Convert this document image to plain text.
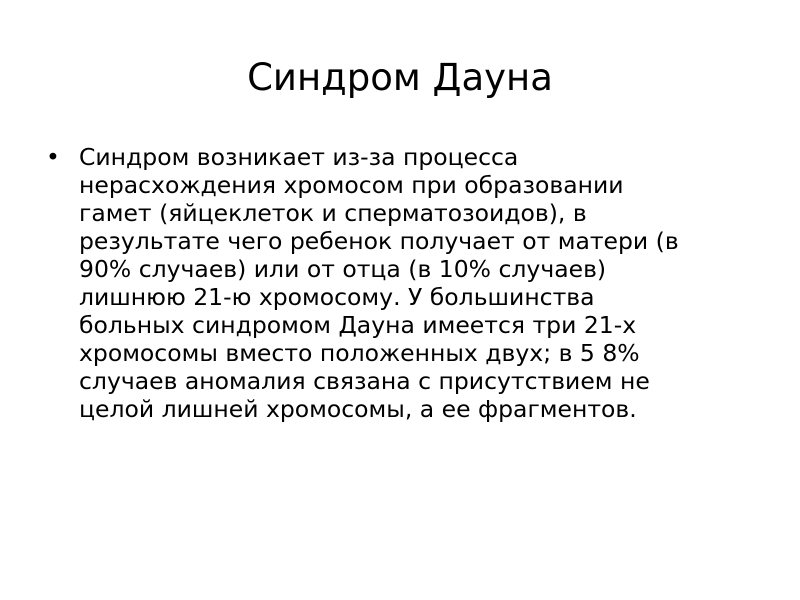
Синдром Дауна
• Синдром возникает из-за процесса
нерасхождения хромосом при образовании
гамет (яйцеклеток и сперматозоидов), в
результате чего ребенок получает от матери (в
90% случаев) или от отца (в 10% случаев)
лишнюю 21-ю хромосому. У большинства
больных синдромом Дауна имеется три 21-х
хромосомы вместо положенных двух; в 5 8%
случаев аномалия связана с присутствием не
целой лишней хромосомы, а ее фрагментов.
